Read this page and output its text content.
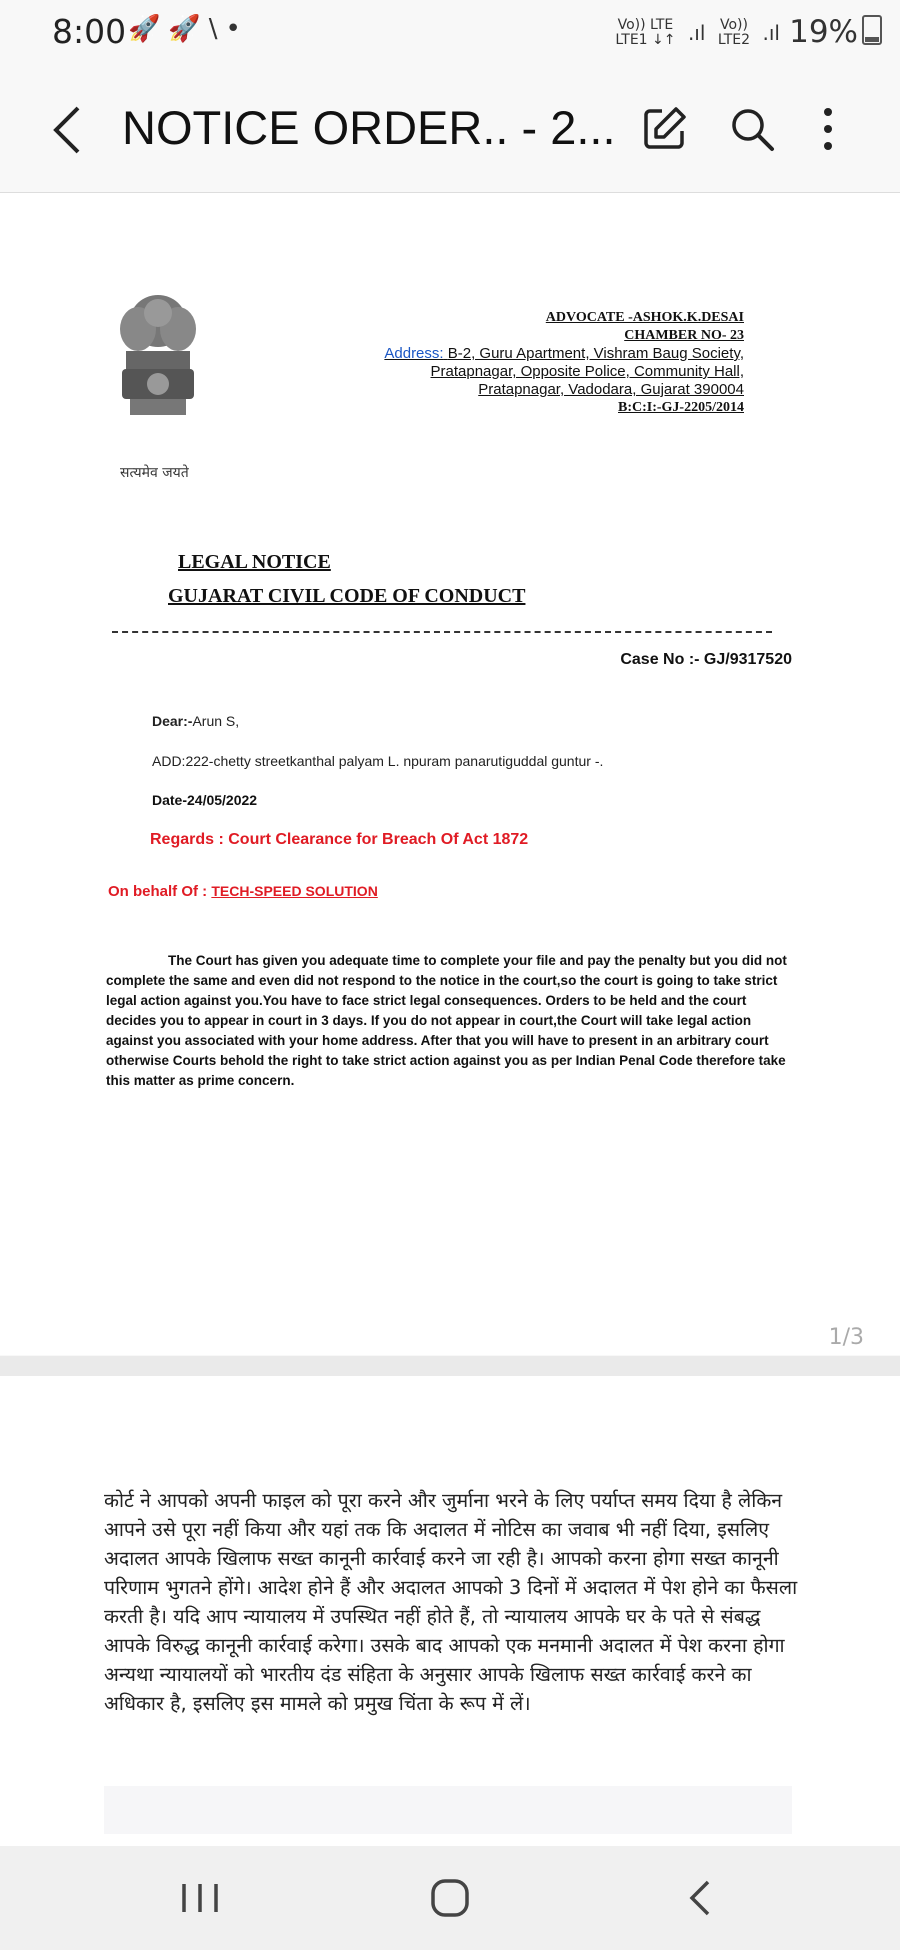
8:00 🚀🚀\•	Vo)) LTE
LTE1 ↓↑ .ıl Vo))
LTE2 .ıl 19%
NOTICE ORDER.. - 2...
सत्यमेव जयते
ADVOCATE -ASHOK.K.DESAI
CHAMBER NO- 23
Address: B-2, Guru Apartment, Vishram Baug Society,
Pratapnagar, Opposite Police, Community Hall,
Pratapnagar, Vadodara, Gujarat 390004
B:C:I:-GJ-2205/2014
LEGAL NOTICE
GUJARAT CIVIL CODE OF CONDUCT
Case No :- GJ/9317520
Dear:-Arun S,
ADD:222-chetty streetkanthal palyam L. npuram panarutiguddal guntur -.
Date-24/05/2022
Regards : Court Clearance for Breach Of Act 1872
On behalf Of : TECH-SPEED SOLUTION
The Court has given you adequate time to complete your file and pay the penalty but you did not complete the same and even did not respond to the notice in the court,so the court is going to take strict legal action against you.You have to face strict legal consequences. Orders to be held and the court decides you to appear in court in 3 days. If you do not appear in court,the Court will take legal action against you associated with your home address. After that you will have to present in an arbitrary court otherwise Courts behold the right to take strict action against you as per Indian Penal Code therefore take this matter as prime concern.
1/3
कोर्ट ने आपको अपनी फाइल को पूरा करने और जुर्माना भरने के लिए पर्याप्त समय दिया है लेकिन आपने उसे पूरा नहीं किया और यहां तक कि अदालत में नोटिस का जवाब भी नहीं दिया, इसलिए अदालत आपके खिलाफ सख्त कानूनी कार्रवाई करने जा रही है। आपको करना होगा सख्त कानूनी परिणाम भुगतने होंगे। आदेश होने हैं और अदालत आपको 3 दिनों में अदालत में पेश होने का फैसला करती है। यदि आप न्यायालय में उपस्थित नहीं होते हैं, तो न्यायालय आपके घर के पते से संबद्ध आपके विरुद्ध कानूनी कार्रवाई करेगा। उसके बाद आपको एक मनमानी अदालत में पेश करना होगा अन्यथा न्यायालयों को भारतीय दंड संहिता के अनुसार आपके खिलाफ सख्त कार्रवाई करने का अधिकार है, इसलिए इस मामले को प्रमुख चिंता के रूप में लें।
